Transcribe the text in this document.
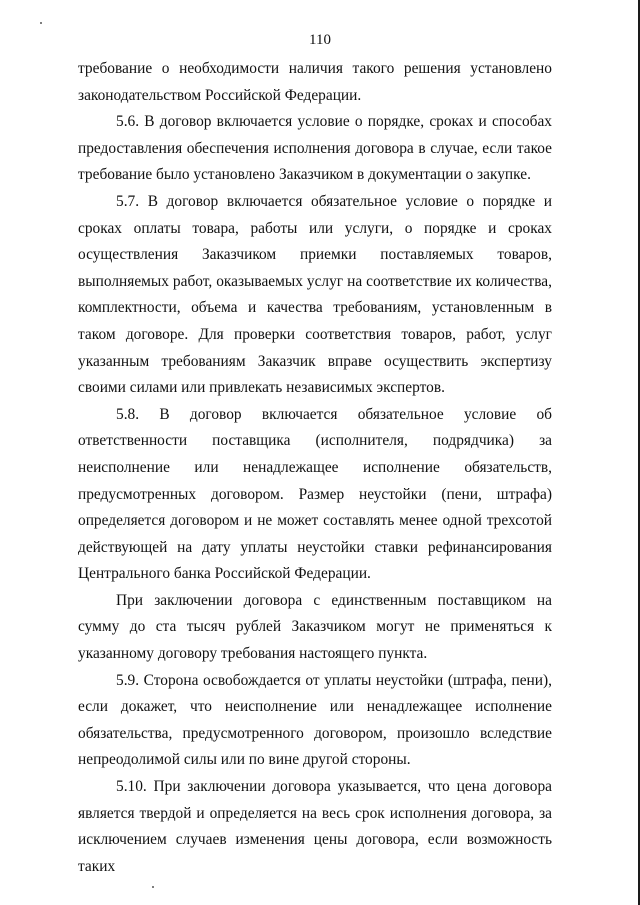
110

требование о необходимости наличия такого решения установлено законодательством Российской Федерации.

5.6. В договор включается условие о порядке, сроках и способах предоставления обеспечения исполнения договора в случае, если такое требование было установлено Заказчиком в документации о закупке.

5.7. В договор включается обязательное условие о порядке и сроках оплаты товара, работы или услуги, о порядке и сроках осуществления Заказчиком приемки поставляемых товаров, выполняемых работ, оказываемых услуг на соответствие их количества, комплектности, объема и качества требованиям, установленным в таком договоре. Для проверки соответствия товаров, работ, услуг указанным требованиям Заказчик вправе осуществить экспертизу своими силами или привлекать независимых экспертов.

5.8. В договор включается обязательное условие об ответственности поставщика (исполнителя, подрядчика) за неисполнение или ненадлежащее исполнение обязательств, предусмотренных договором. Размер неустойки (пени, штрафа) определяется договором и не может составлять менее одной трехсотой действующей на дату уплаты неустойки ставки рефинансирования Центрального банка Российской Федерации.

При заключении договора с единственным поставщиком на сумму до ста тысяч рублей Заказчиком могут не применяться к указанному договору требования настоящего пункта.

5.9. Сторона освобождается от уплаты неустойки (штрафа, пени), если докажет, что неисполнение или ненадлежащее исполнение обязательства, предусмотренного договором, произошло вследствие непреодолимой силы или по вине другой стороны.

5.10. При заключении договора указывается, что цена договора является твердой и определяется на весь срок исполнения договора, за исключением случаев изменения цены договора, если возможность таких
